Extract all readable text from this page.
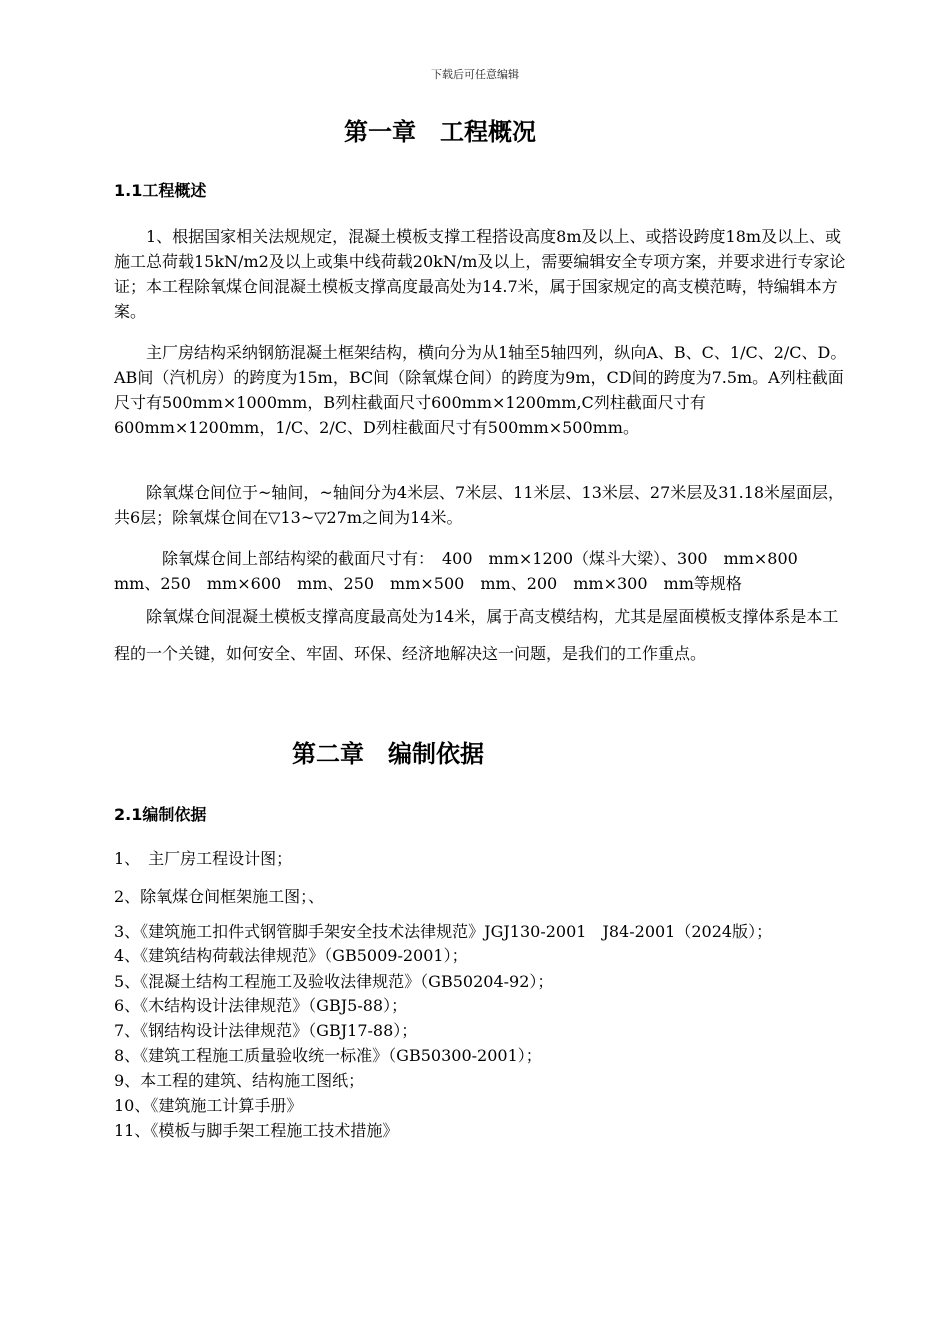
下载后可任意编辑
第一章　工程概况
1.1工程概述
　　1、根据国家相关法规规定，混凝土模板支撑工程搭设高度8m及以上、或搭设跨度18m及以上、或施工总荷载15kN/m2及以上或集中线荷载20kN/m及以上，需要编辑安全专项方案，并要求进行专家论证；本工程除氧煤仓间混凝土模板支撑高度最高处为14.7米，属于国家规定的高支模范畴，特编辑本方案。
　　主厂房结构采纳钢筋混凝土框架结构，横向分为从1轴至5轴四列，纵向A、B、C、1/C、2/C、D。AB间（汽机房）的跨度为15m，BC间（除氧煤仓间）的跨度为9m，CD间的跨度为7.5m。A列柱截面尺寸有500mm×1000mm，B列柱截面尺寸600mm×1200mm,C列柱截面尺寸有600mm×1200mm，1/C、2/C、D列柱截面尺寸有500mm×500mm。
　　除氧煤仓间位于~轴间，~轴间分为4米层、7米层、11米层、13米层、27米层及31.18米屋面层，共6层；除氧煤仓间在▽13~▽27m之间为14米。
　　　除氧煤仓间上部结构梁的截面尺寸有：　400　mm×1200（煤斗大梁）、300　mm×800　mm、250　mm×600　mm、250　mm×500　mm、200　mm×300　mm等规格
　　除氧煤仓间混凝土模板支撑高度最高处为14米，属于高支模结构，尤其是屋面模板支撑体系是本工程的一个关键，如何安全、牢固、环保、经济地解决这一问题，是我们的工作重点。
第二章　编制依据
2.1编制依据
1、　主厂房工程设计图；
2、除氧煤仓间框架施工图；、
3、《建筑施工扣件式钢管脚手架安全技术法律规范》JGJ130-2001　J84-2001（2024版）；
4、《建筑结构荷载法律规范》（GB5009-2001）；
5、《混凝土结构工程施工及验收法律规范》（GB50204-92）；
6、《木结构设计法律规范》（GBJ5-88）；
7、《钢结构设计法律规范》（GBJ17-88）；
8、《建筑工程施工质量验收统一标准》（GB50300-2001）；
9、本工程的建筑、结构施工图纸；
10、《建筑施工计算手册》
11、《模板与脚手架工程施工技术措施》
